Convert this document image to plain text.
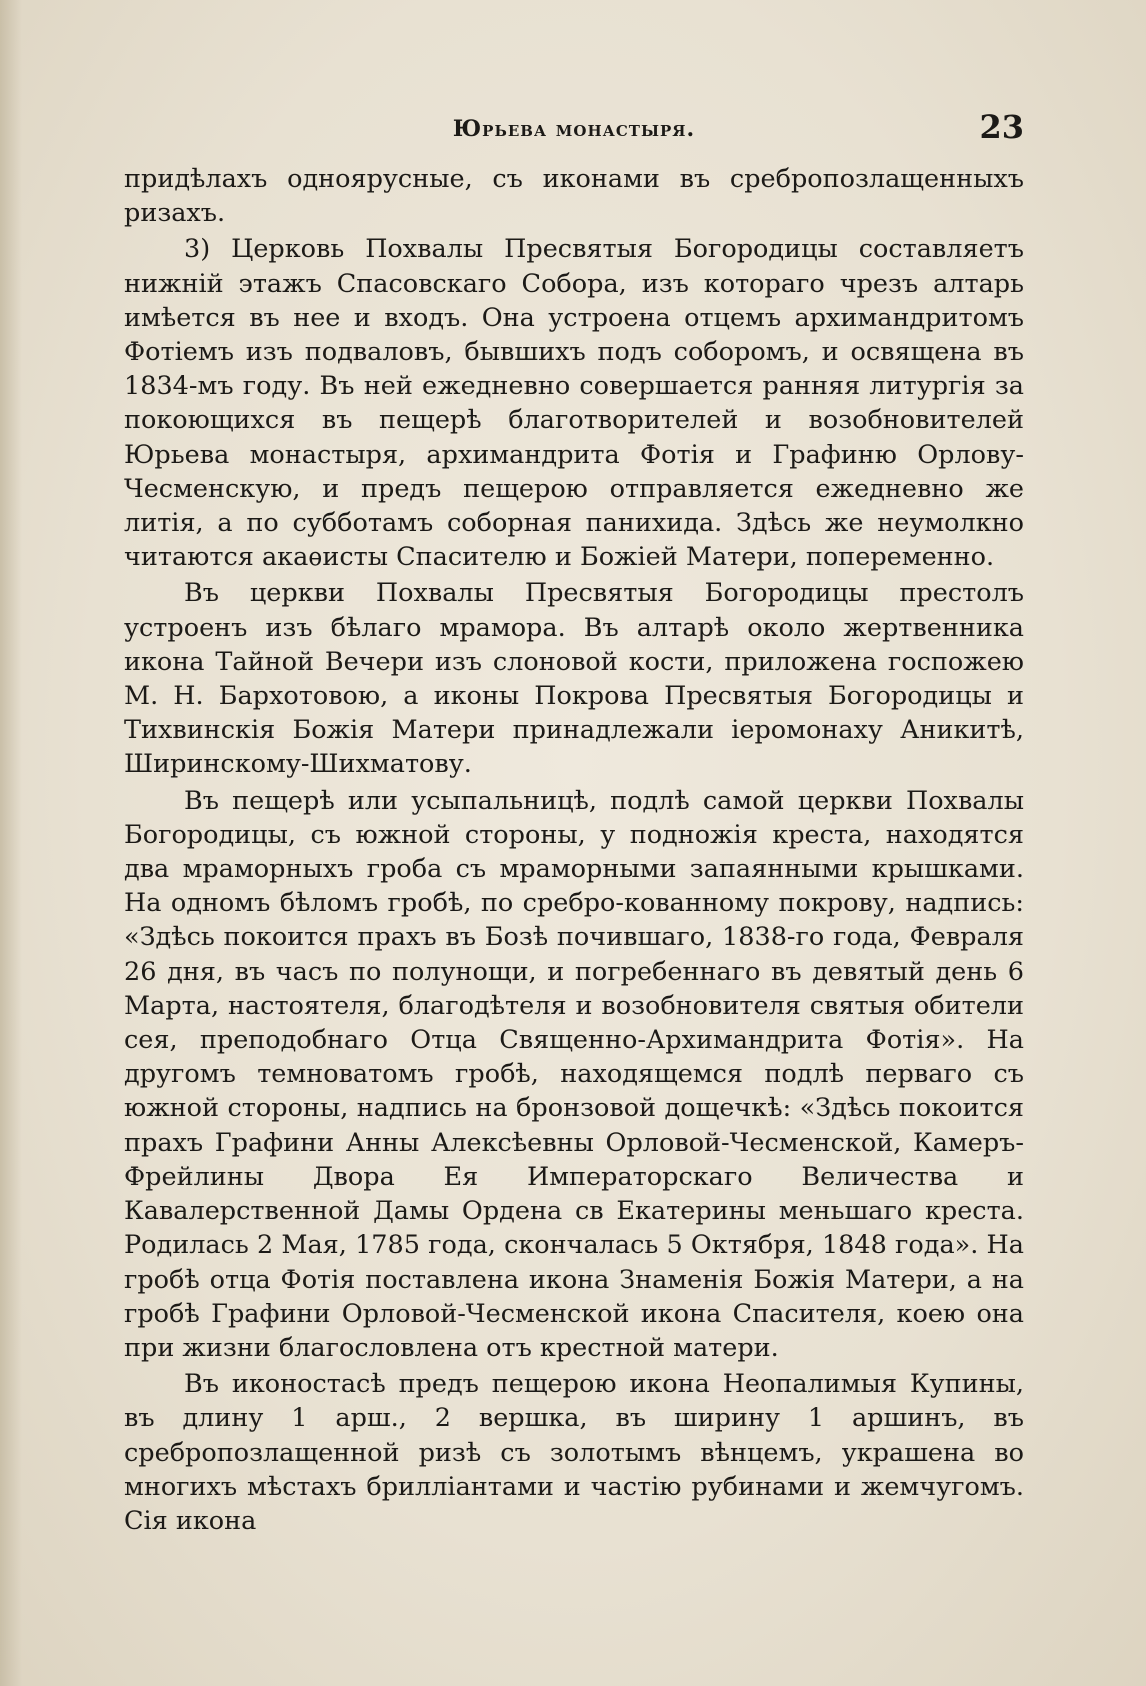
Юрьева монастыря.	23

придѣлахъ одноярусные, съ иконами въ сребропозлащенныхъ ризахъ.

3) Церковь Похвалы Пресвятыя Богородицы составляетъ нижній этажъ Спасовскаго Собора, изъ котораго чрезъ алтарь имѣется въ нее и входъ. Она устроена отцемъ архимандритомъ Фотіемъ изъ подваловъ, бывшихъ подъ соборомъ, и освящена въ 1834-мъ году. Въ ней ежедневно совершается ранняя литургія за покоющихся въ пещерѣ благотворителей и возобновителей Юрьева монастыря, архимандрита Фотія и Графиню Орлову-Чесменскую, и предъ пещерою отправляется ежедневно же литія, а по субботамъ соборная панихида. Здѣсь же неумолкно читаются акаѳисты Спасителю и Божіей Матери, попеременно.

Въ церкви Похвалы Пресвятыя Богородицы престолъ устроенъ изъ бѣлаго мрамора. Въ алтарѣ около жертвенника икона Тайной Вечери изъ слоновой кости, приложена госпожею М. Н. Бархотовою, а иконы Покрова Пресвятыя Богородицы и Тихвинскія Божія Матери принадлежали іеромонаху Аникитѣ, Ширинскому-Шихматову.

Въ пещерѣ или усыпальницѣ, подлѣ самой церкви Похвалы Богородицы, съ южной стороны, у подножія креста, находятся два мраморныхъ гроба съ мраморными запаянными крышками. На одномъ бѣломъ гробѣ, по сребро-кованному покрову, надпись: «Здѣсь покоится прахъ въ Бозѣ почившаго, 1838-го года, Февраля 26 дня, въ часъ по полунощи, и погребеннаго въ девятый день 6 Марта, настоятеля, благодѣтеля и возобновителя святыя обители сея, преподобнаго Отца Священно-Архимандрита Фотія». На другомъ темноватомъ гробѣ, находящемся подлѣ перваго съ южной стороны, надпись на бронзовой дощечкѣ: «Здѣсь покоится прахъ Графини Анны Алексѣевны Орловой-Чесменской, Камеръ-Фрейлины Двора Ея Императорскаго Величества и Кавалерственной Дамы Ордена св Екатерины меньшаго креста. Родилась 2 Мая, 1785 года, скончалась 5 Октября, 1848 года». На гробѣ отца Фотія поставлена икона Знаменія Божія Матери, а на гробѣ Графини Орловой-Чесменской икона Спасителя, коею она при жизни благословлена отъ крестной матери.

Въ иконостасѣ предъ пещерою икона Неопалимыя Купины, въ длину 1 арш., 2 вершка, въ ширину 1 аршинъ, въ сребропозлащенной ризѣ съ золотымъ вѣнцемъ, украшена во многихъ мѣстахъ бриллiантами и частiю рубинами и жемчугомъ. Сiя икона
